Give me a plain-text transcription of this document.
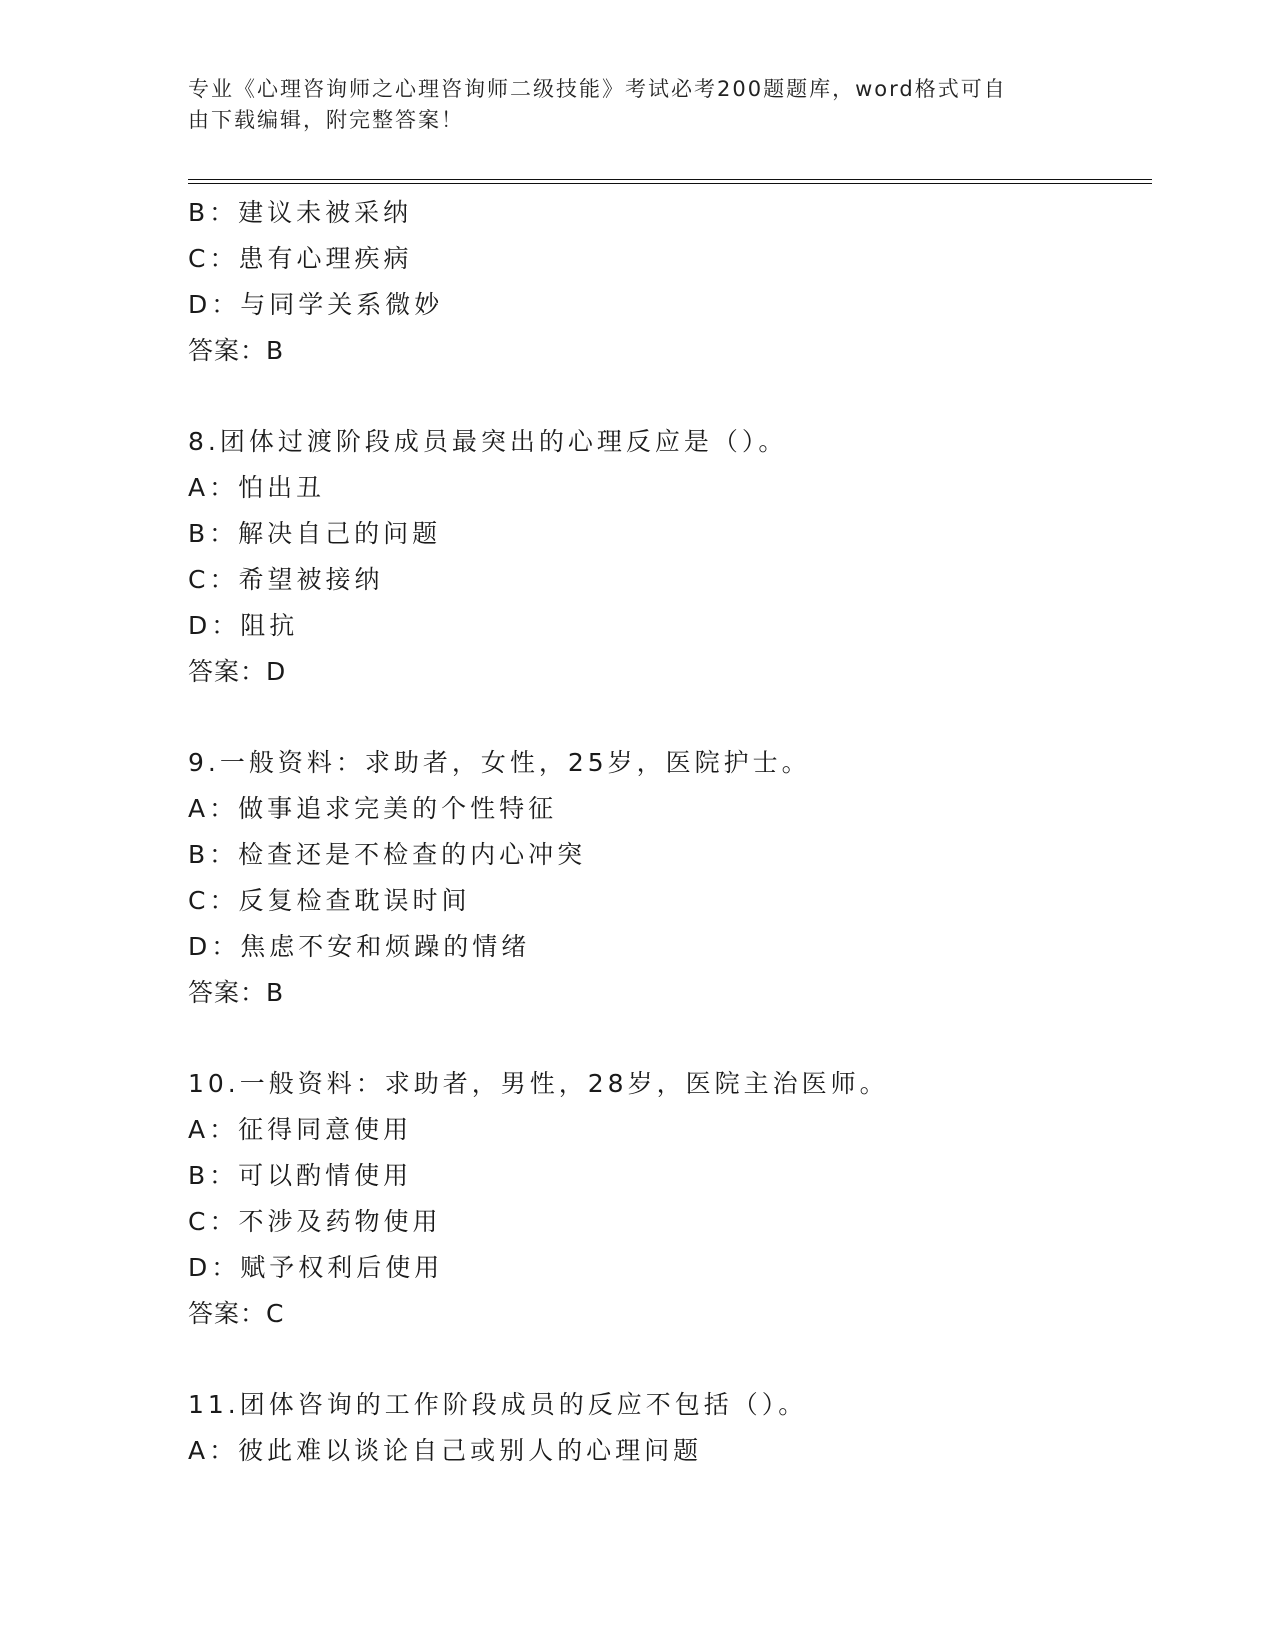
专业《心理咨询师之心理咨询师二级技能》考试必考200题题库，word格式可自
由下载编辑，附完整答案！
B：建议未被采纳
C：患有心理疾病
D：与同学关系微妙
答案：B
8.团体过渡阶段成员最突出的心理反应是（）。
A：怕出丑
B：解决自己的问题
C：希望被接纳
D：阻抗
答案：D
9.一般资料：求助者，女性，25岁，医院护士。
A：做事追求完美的个性特征
B：检查还是不检查的内心冲突
C：反复检查耽误时间
D：焦虑不安和烦躁的情绪
答案：B
10.一般资料：求助者，男性，28岁，医院主治医师。
A：征得同意使用
B：可以酌情使用
C：不涉及药物使用
D：赋予权利后使用
答案：C
11.团体咨询的工作阶段成员的反应不包括（）。
A：彼此难以谈论自己或别人的心理问题
